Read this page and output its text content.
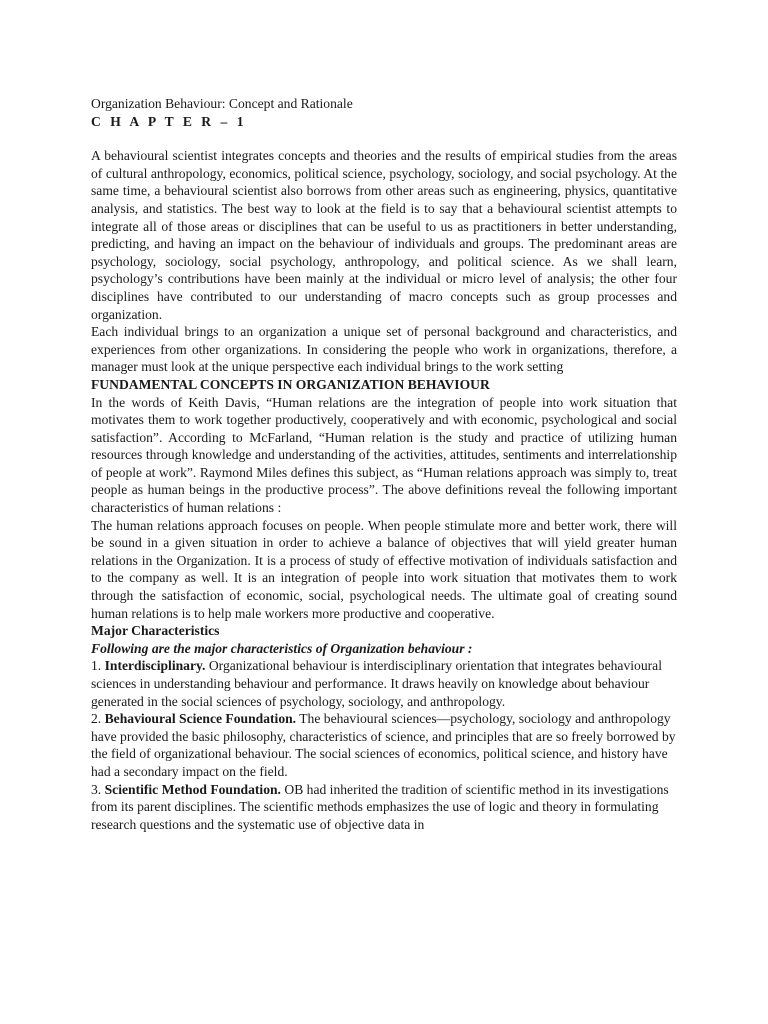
Organization Behaviour: Concept and Rationale

C H A P T E R – 1

A behavioural scientist integrates concepts and theories and the results of empirical studies from the areas of cultural anthropology, economics, political science, psychology, sociology, and social psychology. At the same time, a behavioural scientist also borrows from other areas such as engineering, physics, quantitative analysis, and statistics. The best way to look at the field is to say that a behavioural scientist attempts to integrate all of those areas or disciplines that can be useful to us as practitioners in better understanding, predicting, and having an impact on the behaviour of individuals and groups. The predominant areas are psychology, sociology, social psychology, anthropology, and political science. As we shall learn, psychology’s contributions have been mainly at the individual or micro level of analysis; the other four disciplines have contributed to our understanding of macro concepts such as group processes and organization.

Each individual brings to an organization a unique set of personal background and characteristics, and experiences from other organizations. In considering the people who work in organizations, therefore, a manager must look at the unique perspective each individual brings to the work setting

FUNDAMENTAL CONCEPTS IN ORGANIZATION BEHAVIOUR

In the words of Keith Davis, “Human relations are the integration of people into work situation that motivates them to work together productively, cooperatively and with economic, psychological and social satisfaction”. According to McFarland, “Human relation is the study and practice of utilizing human resources through knowledge and understanding of the activities, attitudes, sentiments and interrelationship of people at work”. Raymond Miles defines this subject, as “Human relations approach was simply to, treat people as human beings in the productive process”. The above definitions reveal the following important characteristics of human relations :

The human relations approach focuses on people. When people stimulate more and better work, there will be sound in a given situation in order to achieve a balance of objectives that will yield greater human relations in the Organization. It is a process of study of effective motivation of individuals satisfaction and to the company as well. It is an integration of people into work situation that motivates them to work through the satisfaction of economic, social, psychological needs. The ultimate goal of creating sound human relations is to help male workers more productive and cooperative.

Major Characteristics

Following are the major characteristics of Organization behaviour :

1. Interdisciplinary. Organizational behaviour is interdisciplinary orientation that integrates behavioural sciences in understanding behaviour and performance. It draws heavily on knowledge about behaviour generated in the social sciences of psychology, sociology, and anthropology.

2. Behavioural Science Foundation. The behavioural sciences—psychology, sociology and anthropology have provided the basic philosophy, characteristics of science, and principles that are so freely borrowed by the field of organizational behaviour. The social sciences of economics, political science, and history have had a secondary impact on the field.

3. Scientific Method Foundation. OB had inherited the tradition of scientific method in its investigations from its parent disciplines. The scientific methods emphasizes the use of logic and theory in formulating research questions and the systematic use of objective data in
